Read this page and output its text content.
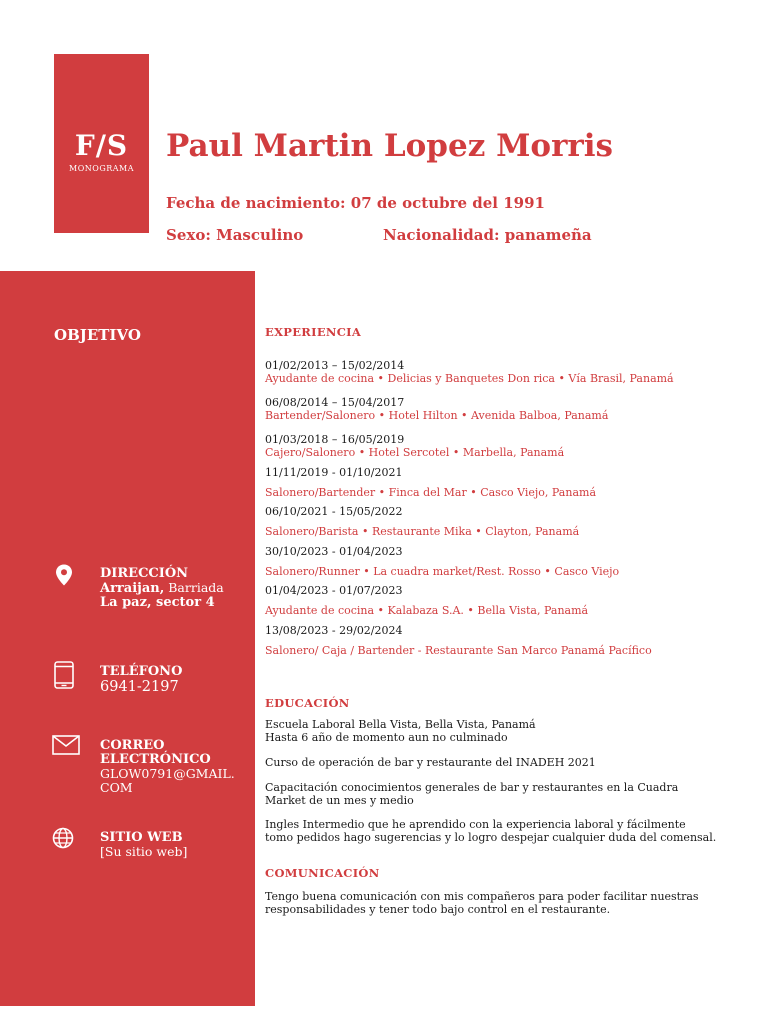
F/S
MONOGRAMA
Paul Martin Lopez Morris
Fecha de nacimiento: 07 de octubre del 1991
Sexo: Masculino	Nacionalidad: panameña
OBJETIVO
DIRECCIÓN
Arraijan, Barriada
La paz, sector 4
TELÉFONO
6941-2197
CORREO
ELECTRÓNICO
GLOW0791@GMAIL.
COM
SITIO WEB
[Su sitio web]
EXPERIENCIA
01/02/2013 – 15/02/2014
Ayudante de cocina • Delicias y Banquetes Don rica • Vía Brasil, Panamá
06/08/2014 – 15/04/2017
Bartender/Salonero • Hotel Hilton • Avenida Balboa, Panamá
01/03/2018 – 16/05/2019
Cajero/Salonero • Hotel Sercotel • Marbella, Panamá
11/11/2019 - 01/10/2021
Salonero/Bartender • Finca del Mar • Casco Viejo, Panamá
06/10/2021 - 15/05/2022
Salonero/Barista • Restaurante Mika • Clayton, Panamá
30/10/2023 - 01/04/2023
Salonero/Runner • La cuadra market/Rest. Rosso • Casco Viejo
01/04/2023 - 01/07/2023
Ayudante de cocina • Kalabaza S.A. • Bella Vista, Panamá
13/08/2023 - 29/02/2024
Salonero/ Caja / Bartender - Restaurante San Marco Panamá Pacífico
EDUCACIÓN
Escuela Laboral Bella Vista, Bella Vista, Panamá
Hasta 6 año de momento aun no culminado
Curso de operación de bar y restaurante del INADEH 2021
Capacitación conocimientos generales de bar y restaurantes en la Cuadra Market de un mes y medio
Ingles Intermedio que he aprendido con la experiencia laboral y fácilmente tomo pedidos hago sugerencias y lo logro despejar cualquier duda del comensal.
COMUNICACIÓN
Tengo buena comunicación con mis compañeros para poder facilitar nuestras responsabilidades y tener todo bajo control en el restaurante.
